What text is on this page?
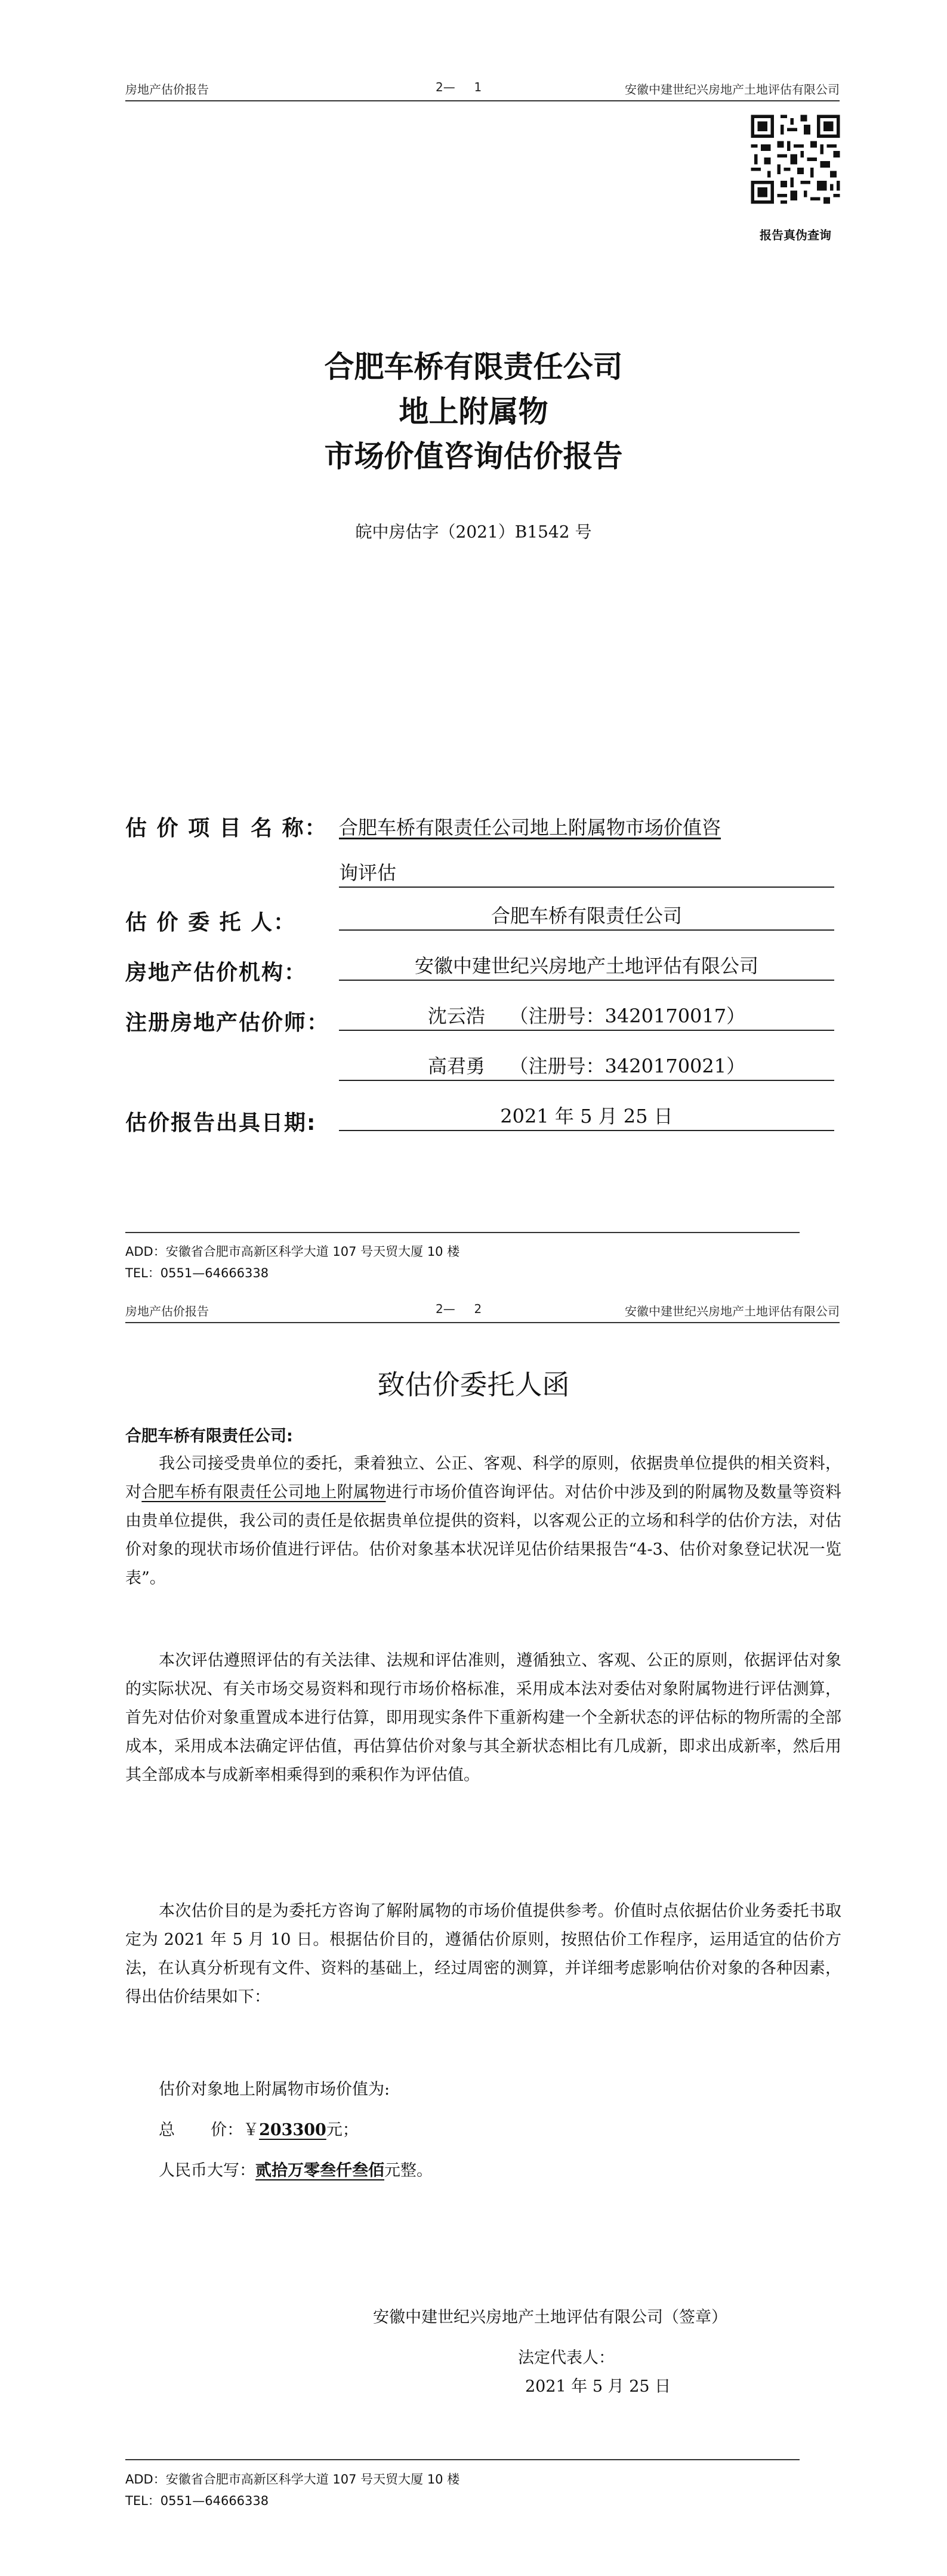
房地产估价报告	2—     1	安徽中建世纪兴房地产土地评估有限公司
报告真伪查询
合肥车桥有限责任公司
地上附属物
市场价值咨询估价报告
皖中房估字（2021）B1542 号
估 价 项 目 名 称： 合肥车桥有限责任公司地上附属物市场价值咨
询评估
估 价 委 托 人：	合肥车桥有限责任公司
房地产估价机构：	安徽中建世纪兴房地产土地评估有限公司
注册房地产估价师：	沈云浩    （注册号：3420170017）
高君勇    （注册号：3420170021）
估价报告出具日期:	2021 年 5 月 25 日
ADD：安徽省合肥市高新区科学大道 107 号天贸大厦 10 楼
TEL：0551—64666338
房地产估价报告	2—     2	安徽中建世纪兴房地产土地评估有限公司
致估价委托人函
合肥车桥有限责任公司:

我公司接受贵单位的委托，秉着独立、公正、客观、科学的原则，依据贵单位提供的相关资料，对合肥车桥有限责任公司地上附属物进行市场价值咨询评估。对估价中涉及到的附属物及数量等资料由贵单位提供，我公司的责任是依据贵单位提供的资料，以客观公正的立场和科学的估价方法，对估价对象的现状市场价值进行评估。估价对象基本状况详见估价结果报告“4-3、估价对象登记状况一览表”。

本次评估遵照评估的有关法律、法规和评估准则，遵循独立、客观、公正的原则，依据评估对象的实际状况、有关市场交易资料和现行市场价格标准，采用成本法对委估对象附属物进行评估测算，首先对估价对象重置成本进行估算，即用现实条件下重新构建一个全新状态的评估标的物所需的全部成本，采用成本法确定评估值，再估算估价对象与其全新状态相比有几成新，即求出成新率，然后用其全部成本与成新率相乘得到的乘积作为评估值。

本次估价目的是为委托方咨询了解附属物的市场价值提供参考。价值时点依据估价业务委托书取定为 2021 年 5 月 10 日。根据估价目的，遵循估价原则，按照估价工作程序，运用适宜的估价方法，在认真分析现有文件、资料的基础上，经过周密的测算，并详细考虑影响估价对象的各种因素，得出估价结果如下：

估价对象地上附属物市场价值为:
总       价：￥203300元；
人民币大写：贰拾万零叁仟叁佰元整。
安徽中建世纪兴房地产土地评估有限公司（签章）
法定代表人：
2021 年 5 月 25 日
ADD：安徽省合肥市高新区科学大道 107 号天贸大厦 10 楼
TEL：0551—64666338
